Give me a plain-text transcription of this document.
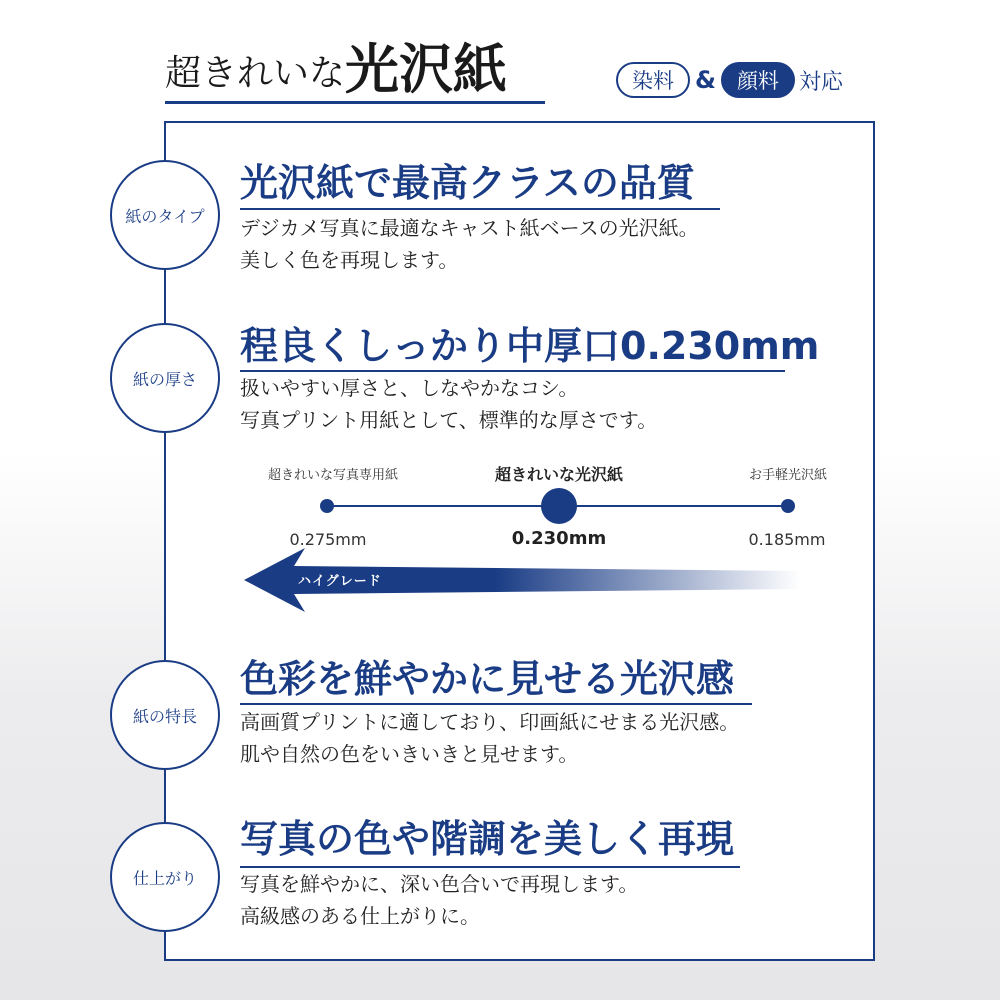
超きれいな 光沢紙	染料 &	顔料 対応
紙のタイプ
光沢紙で最高クラスの品質
デジカメ写真に最適なキャスト紙ベースの光沢紙。
美しく色を再現します。
紙の厚さ
程良くしっかり中厚口0.230mm
扱いやすい厚さと、しなやかなコシ。
写真プリント用紙として、標準的な厚さです。
超きれいな写真専用紙	超きれいな光沢紙	お手軽光沢紙
0.275mm	0.230mm	0.185mm
ハイグレード
紙の特長
色彩を鮮やかに見せる光沢感
高画質プリントに適しており、印画紙にせまる光沢感。
肌や自然の色をいきいきと見せます。
仕上がり
写真の色や階調を美しく再現
写真を鮮やかに、深い色合いで再現します。
高級感のある仕上がりに。
